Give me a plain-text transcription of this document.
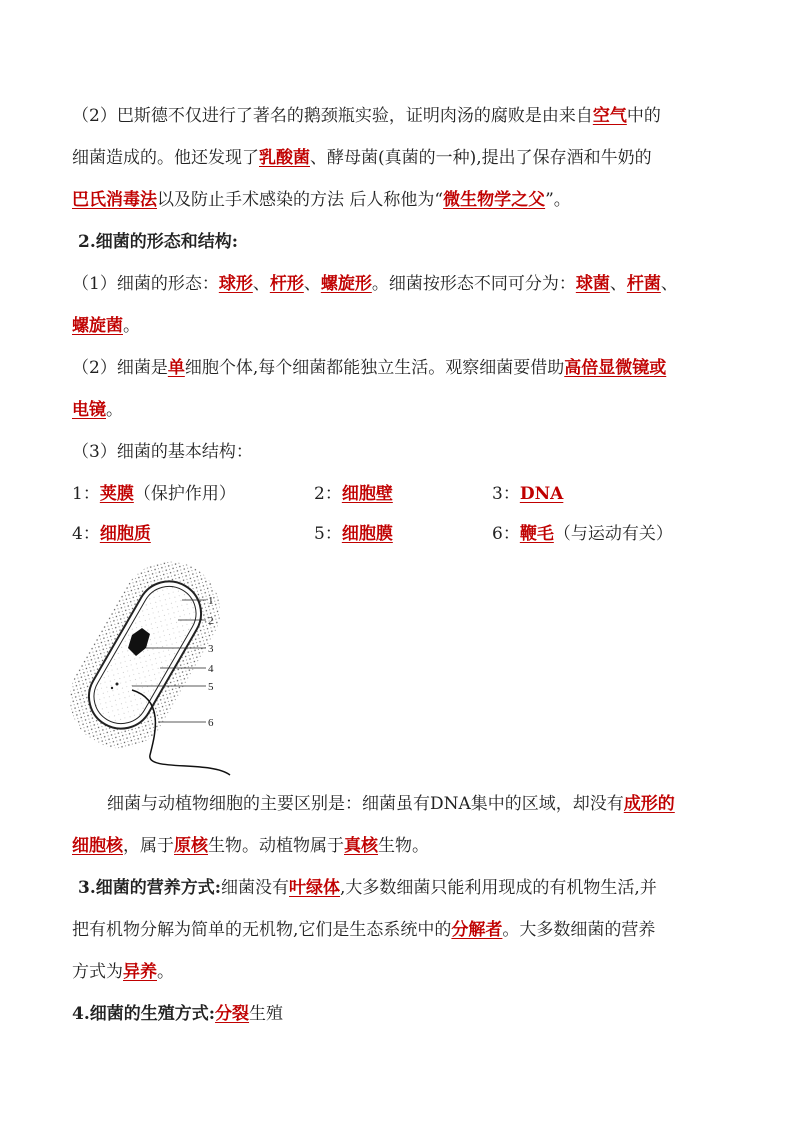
（2）巴斯德不仅进行了著名的鹅颈瓶实验，证明肉汤的腐败是由来自空气中的
细菌造成的。他还发现了乳酸菌、酵母菌(真菌的一种),提出了保存酒和牛奶的
巴氏消毒法以及防止手术感染的方法 后人称他为“微生物学之父”。
2.细菌的形态和结构:
（1）细菌的形态：球形、杆形、螺旋形。细菌按形态不同可分为：球菌、杆菌、
螺旋菌。
（2）细菌是单细胞个体,每个细菌都能独立生活。观察细菌要借助高倍显微镜或
电镜。
（3）细菌的基本结构：
1：荚膜（保护作用）	2：细胞壁	3：DNA
4：细胞质	5：细胞膜	6：鞭毛（与运动有关）
1
2
3
4
5
6
细菌与动植物细胞的主要区别是：细菌虽有DNA集中的区域，却没有成形的
细胞核，属于原核生物。动植物属于真核生物。
3.细菌的营养方式:细菌没有叶绿体,大多数细菌只能利用现成的有机物生活,并
把有机物分解为简单的无机物,它们是生态系统中的分解者。大多数细菌的营养
方式为异养。
4.细菌的生殖方式:分裂生殖
